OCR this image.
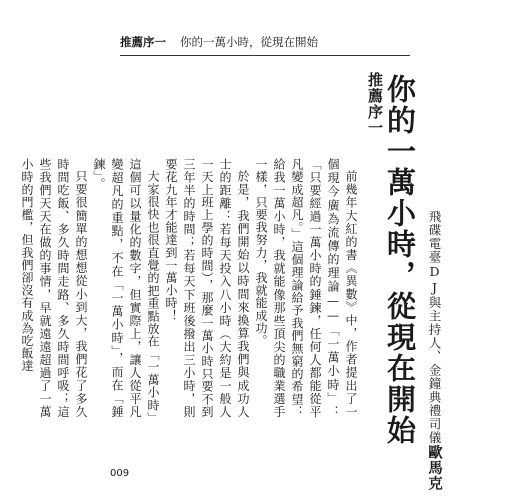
推薦序一 你的一萬小時，從現在開始
推薦序一 你的一萬小時，從現在開始 飛碟電臺DJ與主持人、金鐘典禮司儀歐馬克

前幾年大紅的書《異數》中，作者提出了一個現今廣為流傳的理論——「一萬小時」：「只要經過一萬小時的錘鍊，任何人都能從平凡變成超凡。」這個理論給予我們無窮的希望：給我一萬小時，我就能像那些頂尖的職業選手一樣，只要我努力，我就能成功。

於是，我們開始以時間來換算我們與成功人士的距離：若每天投入八小時（大約是一般人一天上班上學的時間），那麼一萬小時只要不到三年半的時間；若每天下班後撥出三小時，則要花九年才能達到一萬小時！

大家很快也很直覺的把重點放在「一萬小時」這個可以量化的數字，但實際上，讓人從平凡變超凡的重點，不在「一萬小時」，而在「錘鍊」。

只要很簡單的想想從小到大，我們花了多久時間吃飯、多久時間走路、多久時間呼吸；這些我們天天在做的事情，早就遠遠超過了一萬小時的門檻，但我們卻沒有成為吃飯達

009
